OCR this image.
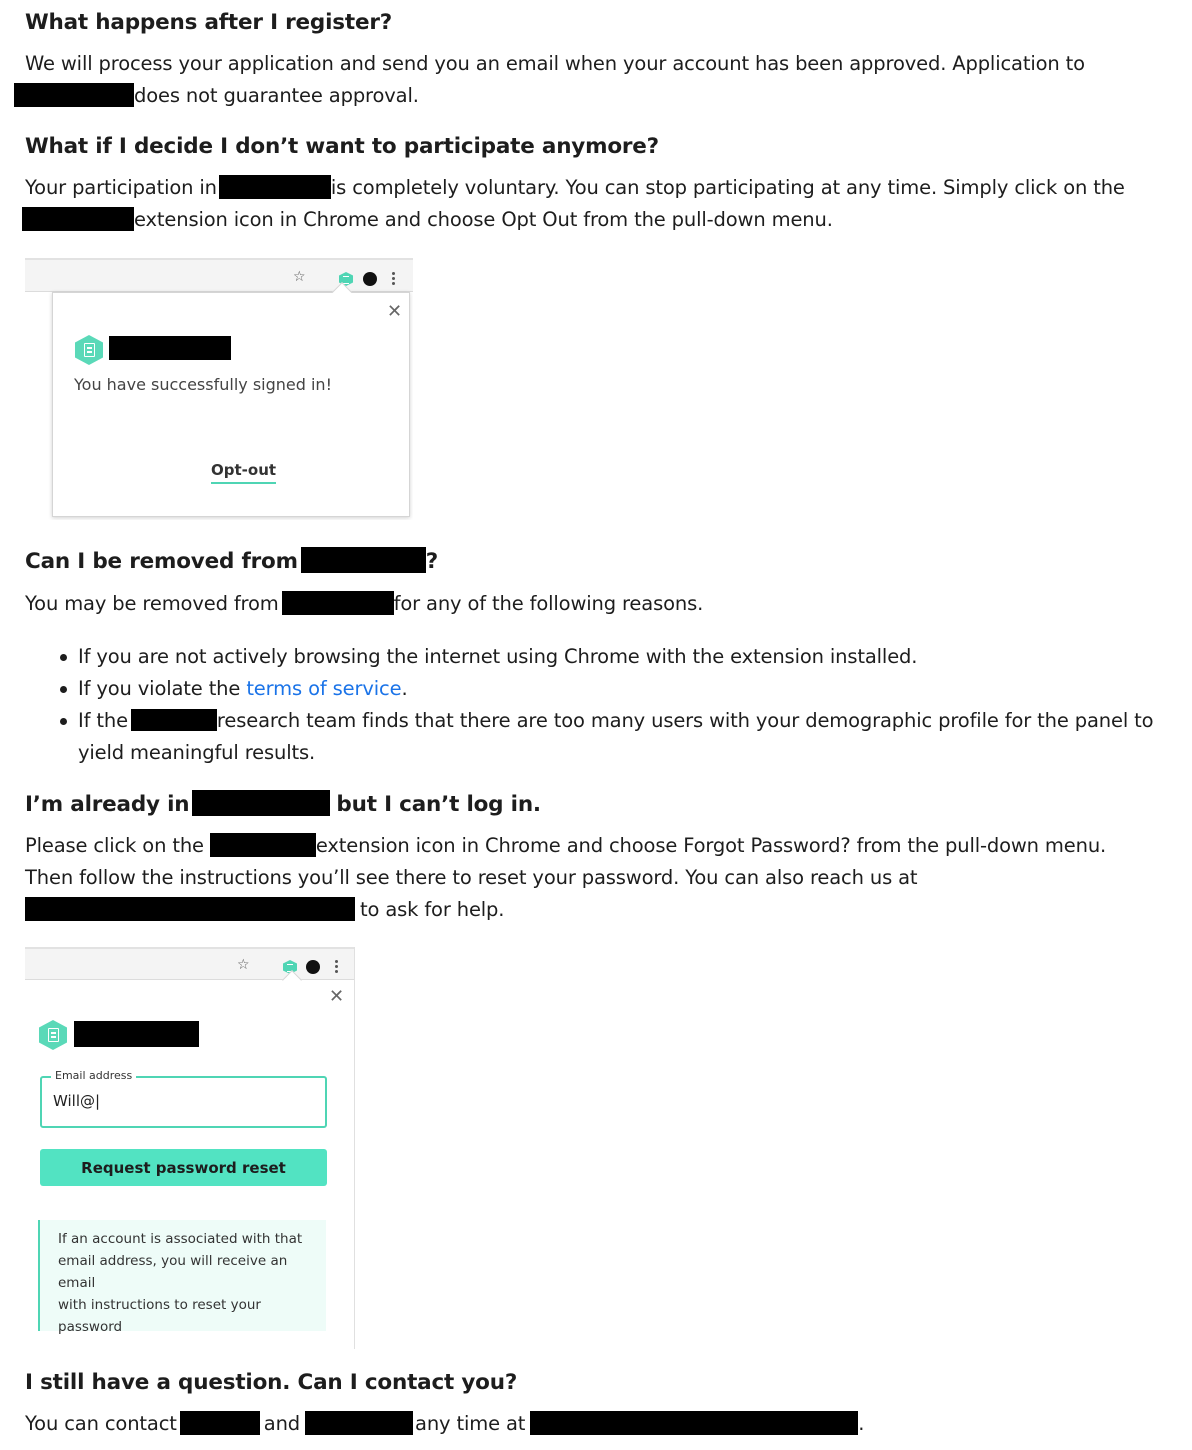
What happens after I register?
We will process your application and send you an email when your account has been approved. Application to
does not guarantee approval.
What if I decide I don’t want to participate anymore?
Your participation in	is completely voluntary. You can stop participating at any time. Simply click on the
extension icon in Chrome and choose Opt Out from the pull-down menu.
☆
✕
You have successfully signed in!
Opt-out
Can I be removed from	?
You may be removed from	for any of the following reasons.
If you are not actively browsing the internet using Chrome with the extension installed.
If you violate the terms of service.
If the	research team finds that there are too many users with your demographic profile for the panel to
yield meaningful results.
I’m already in	but I can’t log in.
Please click on the	extension icon in Chrome and choose Forgot Password? from the pull-down menu.
Then follow the instructions you’ll see there to reset your password. You can also reach us at
to ask for help.
☆
✕
Email address
Will@|
Request password reset
If an account is associated with that
email address, you will receive an email
with instructions to reset your
password
I still have a question. Can I contact you?
You can contact	and	any time at	.
